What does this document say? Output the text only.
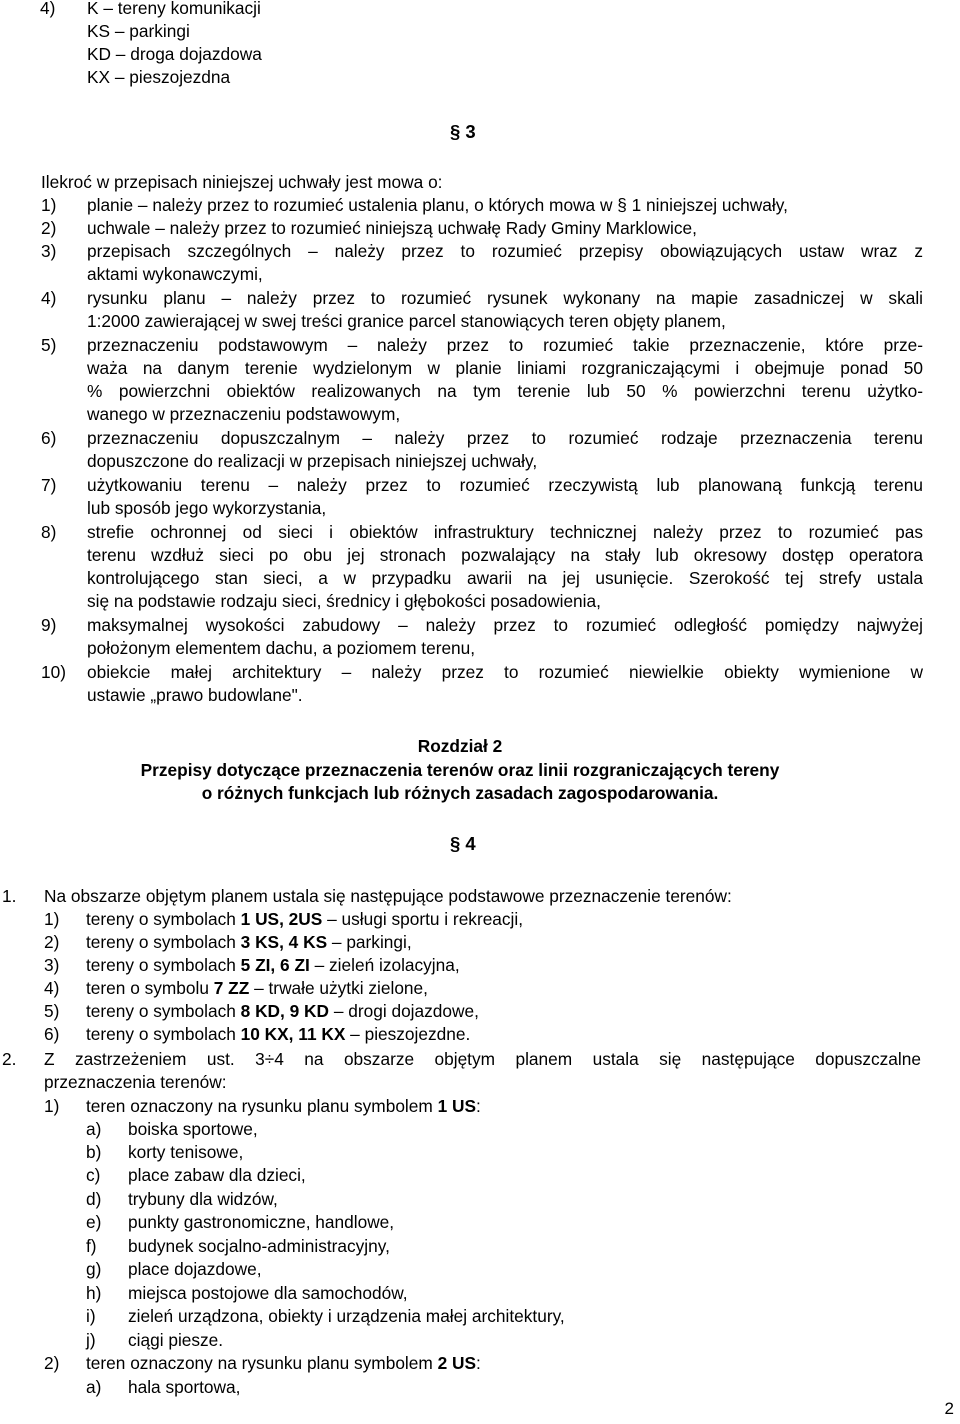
4) K – tereny komunikacji
KS – parkingi
KD – droga dojazdowa
KX – pieszojezdna
§ 3
Ilekroć w przepisach niniejszej uchwały jest mowa o:
1) planie – należy przez to rozumieć ustalenia planu, o których mowa w § 1 niniejszej uchwały,
2) uchwale – należy przez to rozumieć niniejszą uchwałę Rady Gminy Marklowice,
3) przepisach szczególnych – należy przez to rozumieć przepisy obowiązujących ustaw wraz z
aktami wykonawczymi,
4) rysunku planu – należy przez to rozumieć rysunek wykonany na mapie zasadniczej w skali
1:2000 zawierającej w swej treści granice parcel stanowiących teren objęty planem,
5) przeznaczeniu podstawowym – należy przez to rozumieć takie przeznaczenie, które prze-
waża na danym terenie wydzielonym w planie liniami rozgraniczającymi i obejmuje ponad 50
% powierzchni obiektów realizowanych na tym terenie lub 50 % powierzchni terenu użytko-
wanego w przeznaczeniu podstawowym,
6) przeznaczeniu dopuszczalnym – należy przez to rozumieć rodzaje przeznaczenia terenu
dopuszczone do realizacji w przepisach niniejszej uchwały,
7) użytkowaniu terenu – należy przez to rozumieć rzeczywistą lub planowaną funkcją terenu
lub sposób jego wykorzystania,
8) strefie ochronnej od sieci i obiektów infrastruktury technicznej należy przez to rozumieć pas
terenu wzdłuż sieci po obu jej stronach pozwalający na stały lub okresowy dostęp operatora
kontrolującego stan sieci, a w przypadku awarii na jej usunięcie. Szerokość tej strefy ustala
się na podstawie rodzaju sieci, średnicy i głębokości posadowienia,
9) maksymalnej wysokości zabudowy – należy przez to rozumieć odległość pomiędzy najwyżej
położonym elementem dachu, a poziomem terenu,
10) obiekcie małej architektury – należy przez to rozumieć niewielkie obiekty wymienione w
ustawie „prawo budowlane".
Rozdział 2
Przepisy dotyczące przeznaczenia terenów oraz linii rozgraniczających tereny
o różnych funkcjach lub różnych zasadach zagospodarowania.
§ 4
1. Na obszarze objętym planem ustala się następujące podstawowe przeznaczenie terenów:
1) tereny o symbolach 1 US, 2US – usługi sportu i rekreacji,
2) tereny o symbolach 3 KS, 4 KS – parkingi,
3) tereny o symbolach 5 ZI, 6 ZI – zieleń izolacyjna,
4) teren o symbolu 7 ZZ – trwałe użytki zielone,
5) tereny o symbolach 8 KD, 9 KD – drogi dojazdowe,
6) tereny o symbolach 10 KX, 11 KX – pieszojezdne.
2. Z zastrzeżeniem ust. 3÷4 na obszarze objętym planem ustala się następujące dopuszczalne
przeznaczenia terenów:
1) teren oznaczony na rysunku planu symbolem 1 US:
a) boiska sportowe,
b) korty tenisowe,
c) place zabaw dla dzieci,
d) trybuny dla widzów,
e) punkty gastronomiczne, handlowe,
f) budynek socjalno-administracyjny,
g) place dojazdowe,
h) miejsca postojowe dla samochodów,
i) zieleń urządzona, obiekty i urządzenia małej architektury,
j) ciągi piesze.
2) teren oznaczony na rysunku planu symbolem 2 US:
a) hala sportowa,
2
